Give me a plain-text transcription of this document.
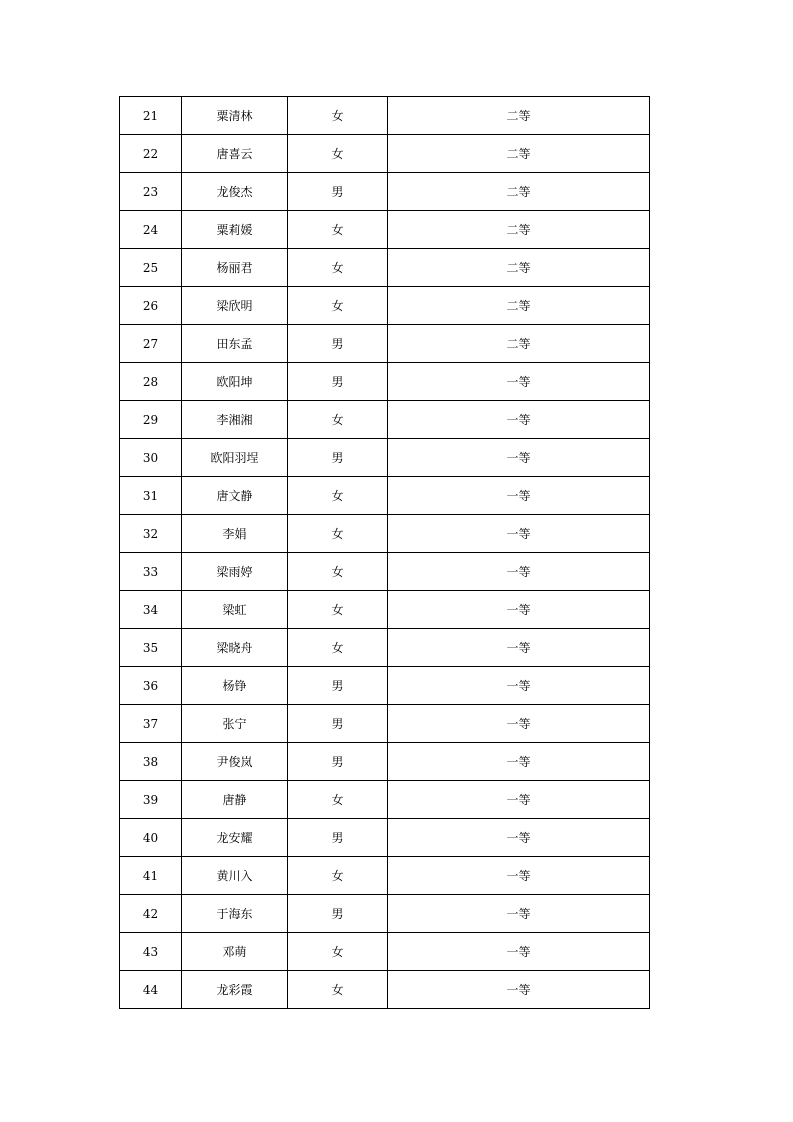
21	粟清林	女	二等
22	唐喜云	女	二等
23	龙俊杰	男	二等
24	粟莉媛	女	二等
25	杨丽君	女	二等
26	梁欣明	女	二等
27	田东孟	男	二等
28	欧阳坤	男	一等
29	李湘湘	女	一等
30	欧阳羽埕	男	一等
31	唐文静	女	一等
32	李娟	女	一等
33	梁雨婷	女	一等
34	梁虹	女	一等
35	梁晓舟	女	一等
36	杨铮	男	一等
37	张宁	男	一等
38	尹俊岚	男	一等
39	唐静	女	一等
40	龙安耀	男	一等
41	黄川入	女	一等
42	于海东	男	一等
43	邓萌	女	一等
44	龙彩霞	女	一等
